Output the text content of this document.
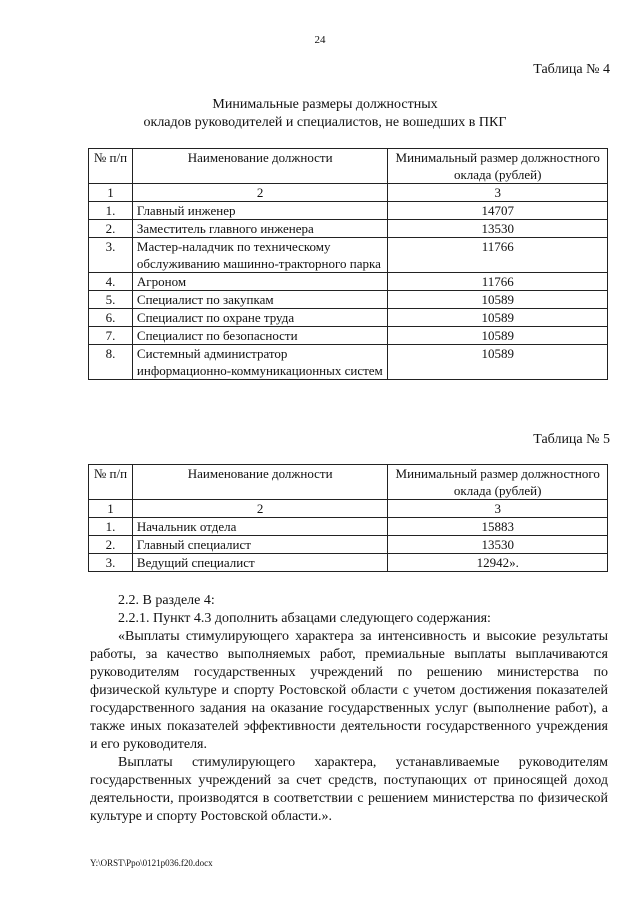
24
Таблица № 4
Минимальные размеры должностных
окладов руководителей и специалистов, не вошедших в ПКГ
№ п/п	Наименование должности	Минимальный размер должностного оклада (рублей)
1	2	3
1.	Главный инженер	14707
2.	Заместитель главного инженера	13530
3.	Мастер-наладчик по техническому обслуживанию машинно-тракторного парка	11766
4.	Агроном	11766
5.	Специалист по закупкам	10589
6.	Специалист по охране труда	10589
7.	Специалист по безопасности	10589
8.	Системный администратор информационно-коммуникационных систем	10589
Таблица № 5
№ п/п	Наименование должности	Минимальный размер должностного оклада (рублей)
1	2	3
1.	Начальник отдела	15883
2.	Главный специалист	13530
3.	Ведущий специалист	12942».

2.2. В разделе 4:

2.2.1. Пункт 4.3 дополнить абзацами следующего содержания:

«Выплаты стимулирующего характера за интенсивность и высокие результаты работы, за качество выполняемых работ, премиальные выплаты выплачиваются руководителям государственных учреждений по решению министерства по физической культуре и спорту Ростовской области с учетом достижения показателей государственного задания на оказание государственных услуг (выполнение работ), а также иных показателей эффективности деятельности государственного учреждения и его руководителя.

Выплаты стимулирующего характера, устанавливаемые руководителям государственных учреждений за счет средств, поступающих от приносящей доход деятельности, производятся в соответствии с решением министерства по физической культуре и спорту Ростовской области.».

Y:\ORST\Ppo\0121p036.f20.docx
